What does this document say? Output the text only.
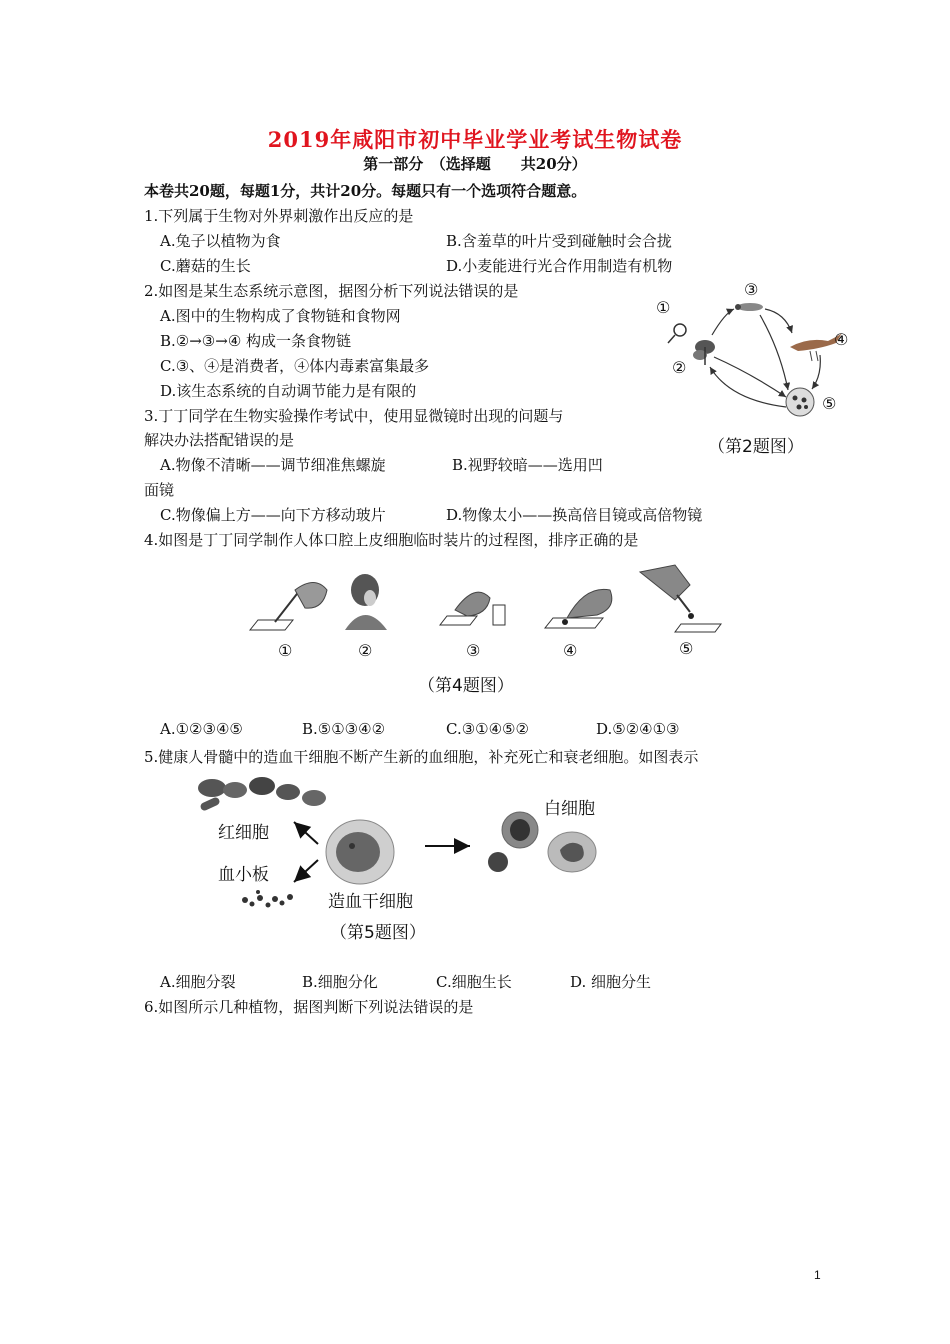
2019年咸阳市初中毕业学业考试生物试卷
第一部分　（选择题　　共20分）
本卷共20题，每题1分，共计20分。每题只有一个选项符合题意。
1.下列属于生物对外界刺激作出反应的是
A.兔子以植物为食	B.含羞草的叶片受到碰触时会合拢
C.蘑菇的生长	D.小麦能进行光合作用制造有机物
2.如图是某生态系统示意图，据图分析下列说法错误的是
A.图中的生物构成了食物链和食物网
B.②→③→④ 构成一条食物链
C.③、④是消费者，④体内毒素富集最多
D.该生态系统的自动调节能力是有限的
①
③
④
②
⑤
（第2题图）
3.丁丁同学在生物实验操作考试中，使用显微镜时出现的问题与
解决办法搭配错误的是
A.物像不清晰——调节细准焦螺旋	B.视野较暗——选用凹
面镜
C.物像偏上方——向下方移动玻片	D.物像太小——换高倍目镜或高倍物镜
4.如图是丁丁同学制作人体口腔上皮细胞临时装片的过程图，排序正确的是
①	②	③	④	⑤
（第4题图）
A.①②③④⑤	B.⑤①③④②	C.③①④⑤②	D.⑤②④①③
5.健康人骨髓中的造血干细胞不断产生新的血细胞，补充死亡和衰老细胞。如图表示
红细胞
血小板
造血干细胞
白细胞
（第5题图）
A.细胞分裂	B.细胞分化	C.细胞生长	D. 细胞分生
6.如图所示几种植物，据图判断下列说法错误的是
1
